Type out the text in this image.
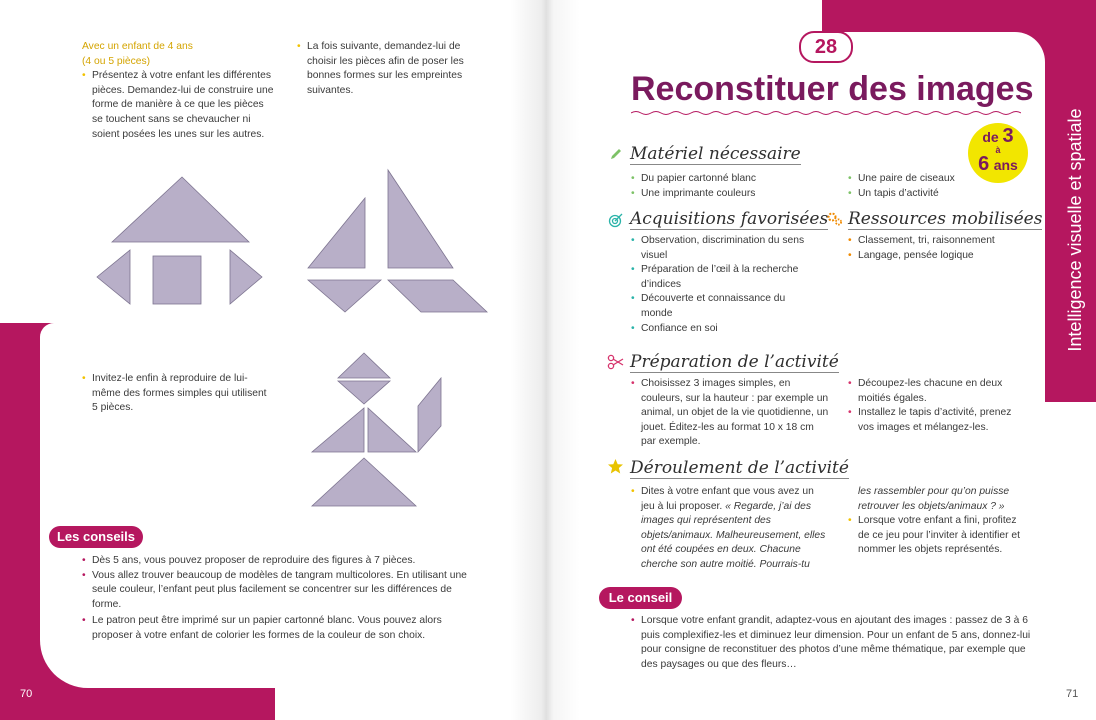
Avec un enfant de 4 ans
(4 ou 5 pièces)
• Présentez à votre enfant les différentes pièces. Demandez-lui de construire une forme de manière à ce que les pièces se touchent sans se chevaucher ni soient posées les unes sur les autres.
• La fois suivante, demandez-lui de choisir les pièces afin de poser les bonnes formes sur les empreintes suivantes.
• Invitez-le enfin à reproduire de lui-même des formes simples qui utilisent 5 pièces.
Les conseils
• Dès 5 ans, vous pouvez proposer de reproduire des figures à 7 pièces.
• Vous allez trouver beaucoup de modèles de tangram multicolores. En utilisant une seule couleur, l’enfant peut plus facilement se concentrer sur les différences de forme.
• Le patron peut être imprimé sur un papier cartonné blanc. Vous pouvez alors proposer à votre enfant de colorier les formes de la couleur de son choix.
70
28
Reconstituer des images
de 3
à
6 ans	Intelligence visuelle et spatiale
Matériel nécessaire
• Du papier cartonné blanc
• Une imprimante couleurs
• Une paire de ciseaux
• Un tapis d’activité
Acquisitions favorisées
• Observation, discrimination du sens visuel
• Préparation de l’œil à la recherche d’indices
• Découverte et connaissance du monde
• Confiance en soi
Ressources mobilisées
• Classement, tri, raisonnement
• Langage, pensée logique
Préparation de l’activité
• Choisissez 3 images simples, en couleurs, sur la hauteur : par exemple un animal, un objet de la vie quotidienne, un jouet. Éditez-les au format 10 x 18 cm par exemple.
• Découpez-les chacune en deux moitiés égales.
• Installez le tapis d’activité, prenez vos images et mélangez-les.
Déroulement de l’activité
• Dites à votre enfant que vous avez un jeu à lui proposer. « Regarde, j’ai des images qui représentent des objets/animaux. Malheureusement, elles ont été coupées en deux. Chacune cherche son autre moitié. Pourrais-tu
les rassembler pour qu’on puisse retrouver les objets/animaux ? »
• Lorsque votre enfant a fini, profitez de ce jeu pour l’inviter à identifier et nommer les objets représentés.
Le conseil
• Lorsque votre enfant grandit, adaptez-vous en ajoutant des images : passez de 3 à 6 puis complexifiez-les et diminuez leur dimension. Pour un enfant de 5 ans, donnez-lui pour consigne de reconstituer des photos d’une même thématique, par exemple que des paysages ou que des fleurs…
71
